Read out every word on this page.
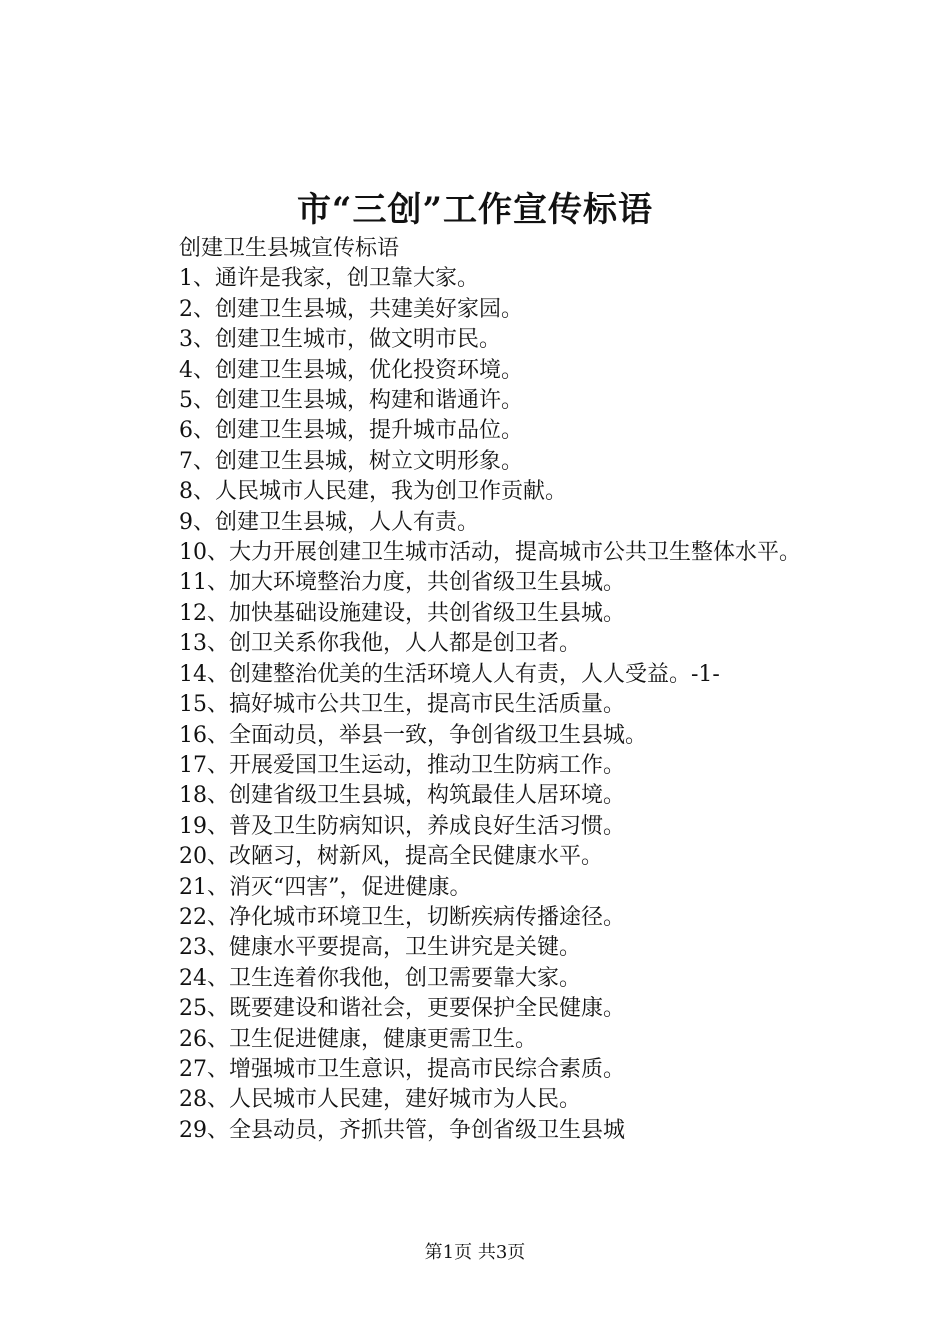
市“三创”工作宣传标语

创建卫生县城宣传标语

1、通许是我家，创卫靠大家。

2、创建卫生县城，共建美好家园。

3、创建卫生城市，做文明市民。

4、创建卫生县城，优化投资环境。

5、创建卫生县城，构建和谐通许。

6、创建卫生县城，提升城市品位。

7、创建卫生县城，树立文明形象。

8、人民城市人民建，我为创卫作贡献。

9、创建卫生县城，人人有责。

10、大力开展创建卫生城市活动，提高城市公共卫生整体水平。

11、加大环境整治力度，共创省级卫生县城。

12、加快基础设施建设，共创省级卫生县城。

13、创卫关系你我他，人人都是创卫者。

14、创建整治优美的生活环境人人有责，人人受益。-1-

15、搞好城市公共卫生，提高市民生活质量。

16、全面动员，举县一致，争创省级卫生县城。

17、开展爱国卫生运动，推动卫生防病工作。

18、创建省级卫生县城，构筑最佳人居环境。

19、普及卫生防病知识，养成良好生活习惯。

20、改陋习，树新风，提高全民健康水平。

21、消灭“四害”，促进健康。

22、净化城市环境卫生，切断疾病传播途径。

23、健康水平要提高，卫生讲究是关键。

24、卫生连着你我他，创卫需要靠大家。

25、既要建设和谐社会，更要保护全民健康。

26、卫生促进健康，健康更需卫生。

27、增强城市卫生意识，提高市民综合素质。

28、人民城市人民建，建好城市为人民。

29、全县动员，齐抓共管，争创省级卫生县城

第1页 共3页
